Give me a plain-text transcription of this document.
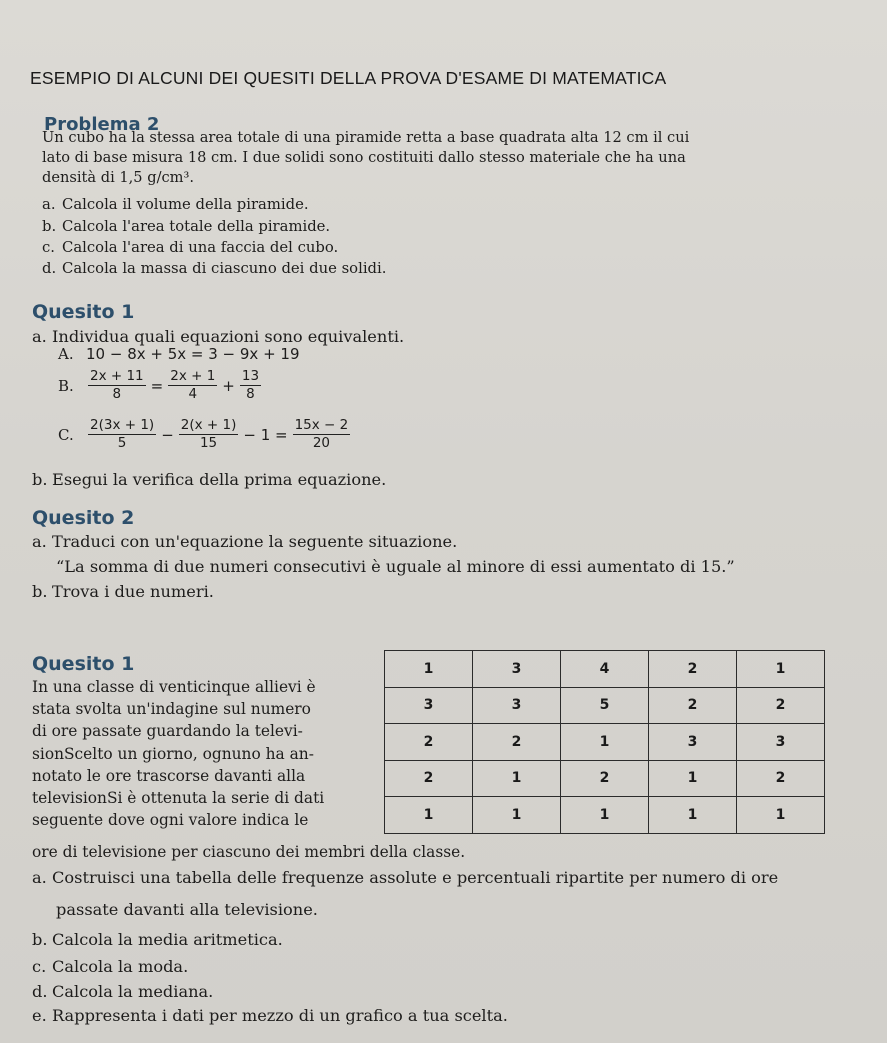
ESEMPIO DI ALCUNI DEI QUESITI DELLA PROVA D'ESAME DI MATEMATICA
Problema 2
Un cubo ha la stessa area totale di una piramide retta a base quadrata alta 12 cm il cui
lato di base misura 18 cm. I due solidi sono costituiti dallo stesso materiale che ha una
densità di 1,5 g/cm³.
a. Calcola il volume della piramide.
b. Calcola l'area totale della piramide.
c. Calcola l'area di una faccia del cubo.
d. Calcola la massa di ciascuno dei due solidi.
Quesito 1
a. Individua quali equazioni sono equivalenti.
A. 10 − 8x + 5x = 3 − 9x + 19
B.	$\frac{2x + 11}{8} = \frac{2x + 1}{4} + \frac{13}{8}$
C.	$\frac{2(3x + 1)}{5} - \frac{2(x + 1)}{15} - 1 = \frac{15x - 2}{20}$
b. Esegui la verifica della prima equazione.
Quesito 2
a. Traduci con un'equazione la seguente situazione.
“La somma di due numeri consecutivi è uguale al minore di essi aumentato di 15.”
b. Trova i due numeri.
Quesito 1
In una classe di venticinque allievi è
stata svolta un'indagine sul numero
di ore passate guardando la televi-
sionScelto un giorno, ognuno ha an-
notato le ore trascorse davanti alla
televisionSi è ottenuta la serie di dati
seguente dove ogni valore indica le
1	3	4	2	1
3	3	5	2	2
2	2	1	3	3
2	1	2	1	2
1	1	1	1	1
ore di televisione per ciascuno dei membri della classe.
a. Costruisci una tabella delle frequenze assolute e percentuali ripartite per numero di ore
passate davanti alla televisione.
b. Calcola la media aritmetica.
c. Calcola la moda.
d. Calcola la mediana.
e. Rappresenta i dati per mezzo di un grafico a tua scelta.
